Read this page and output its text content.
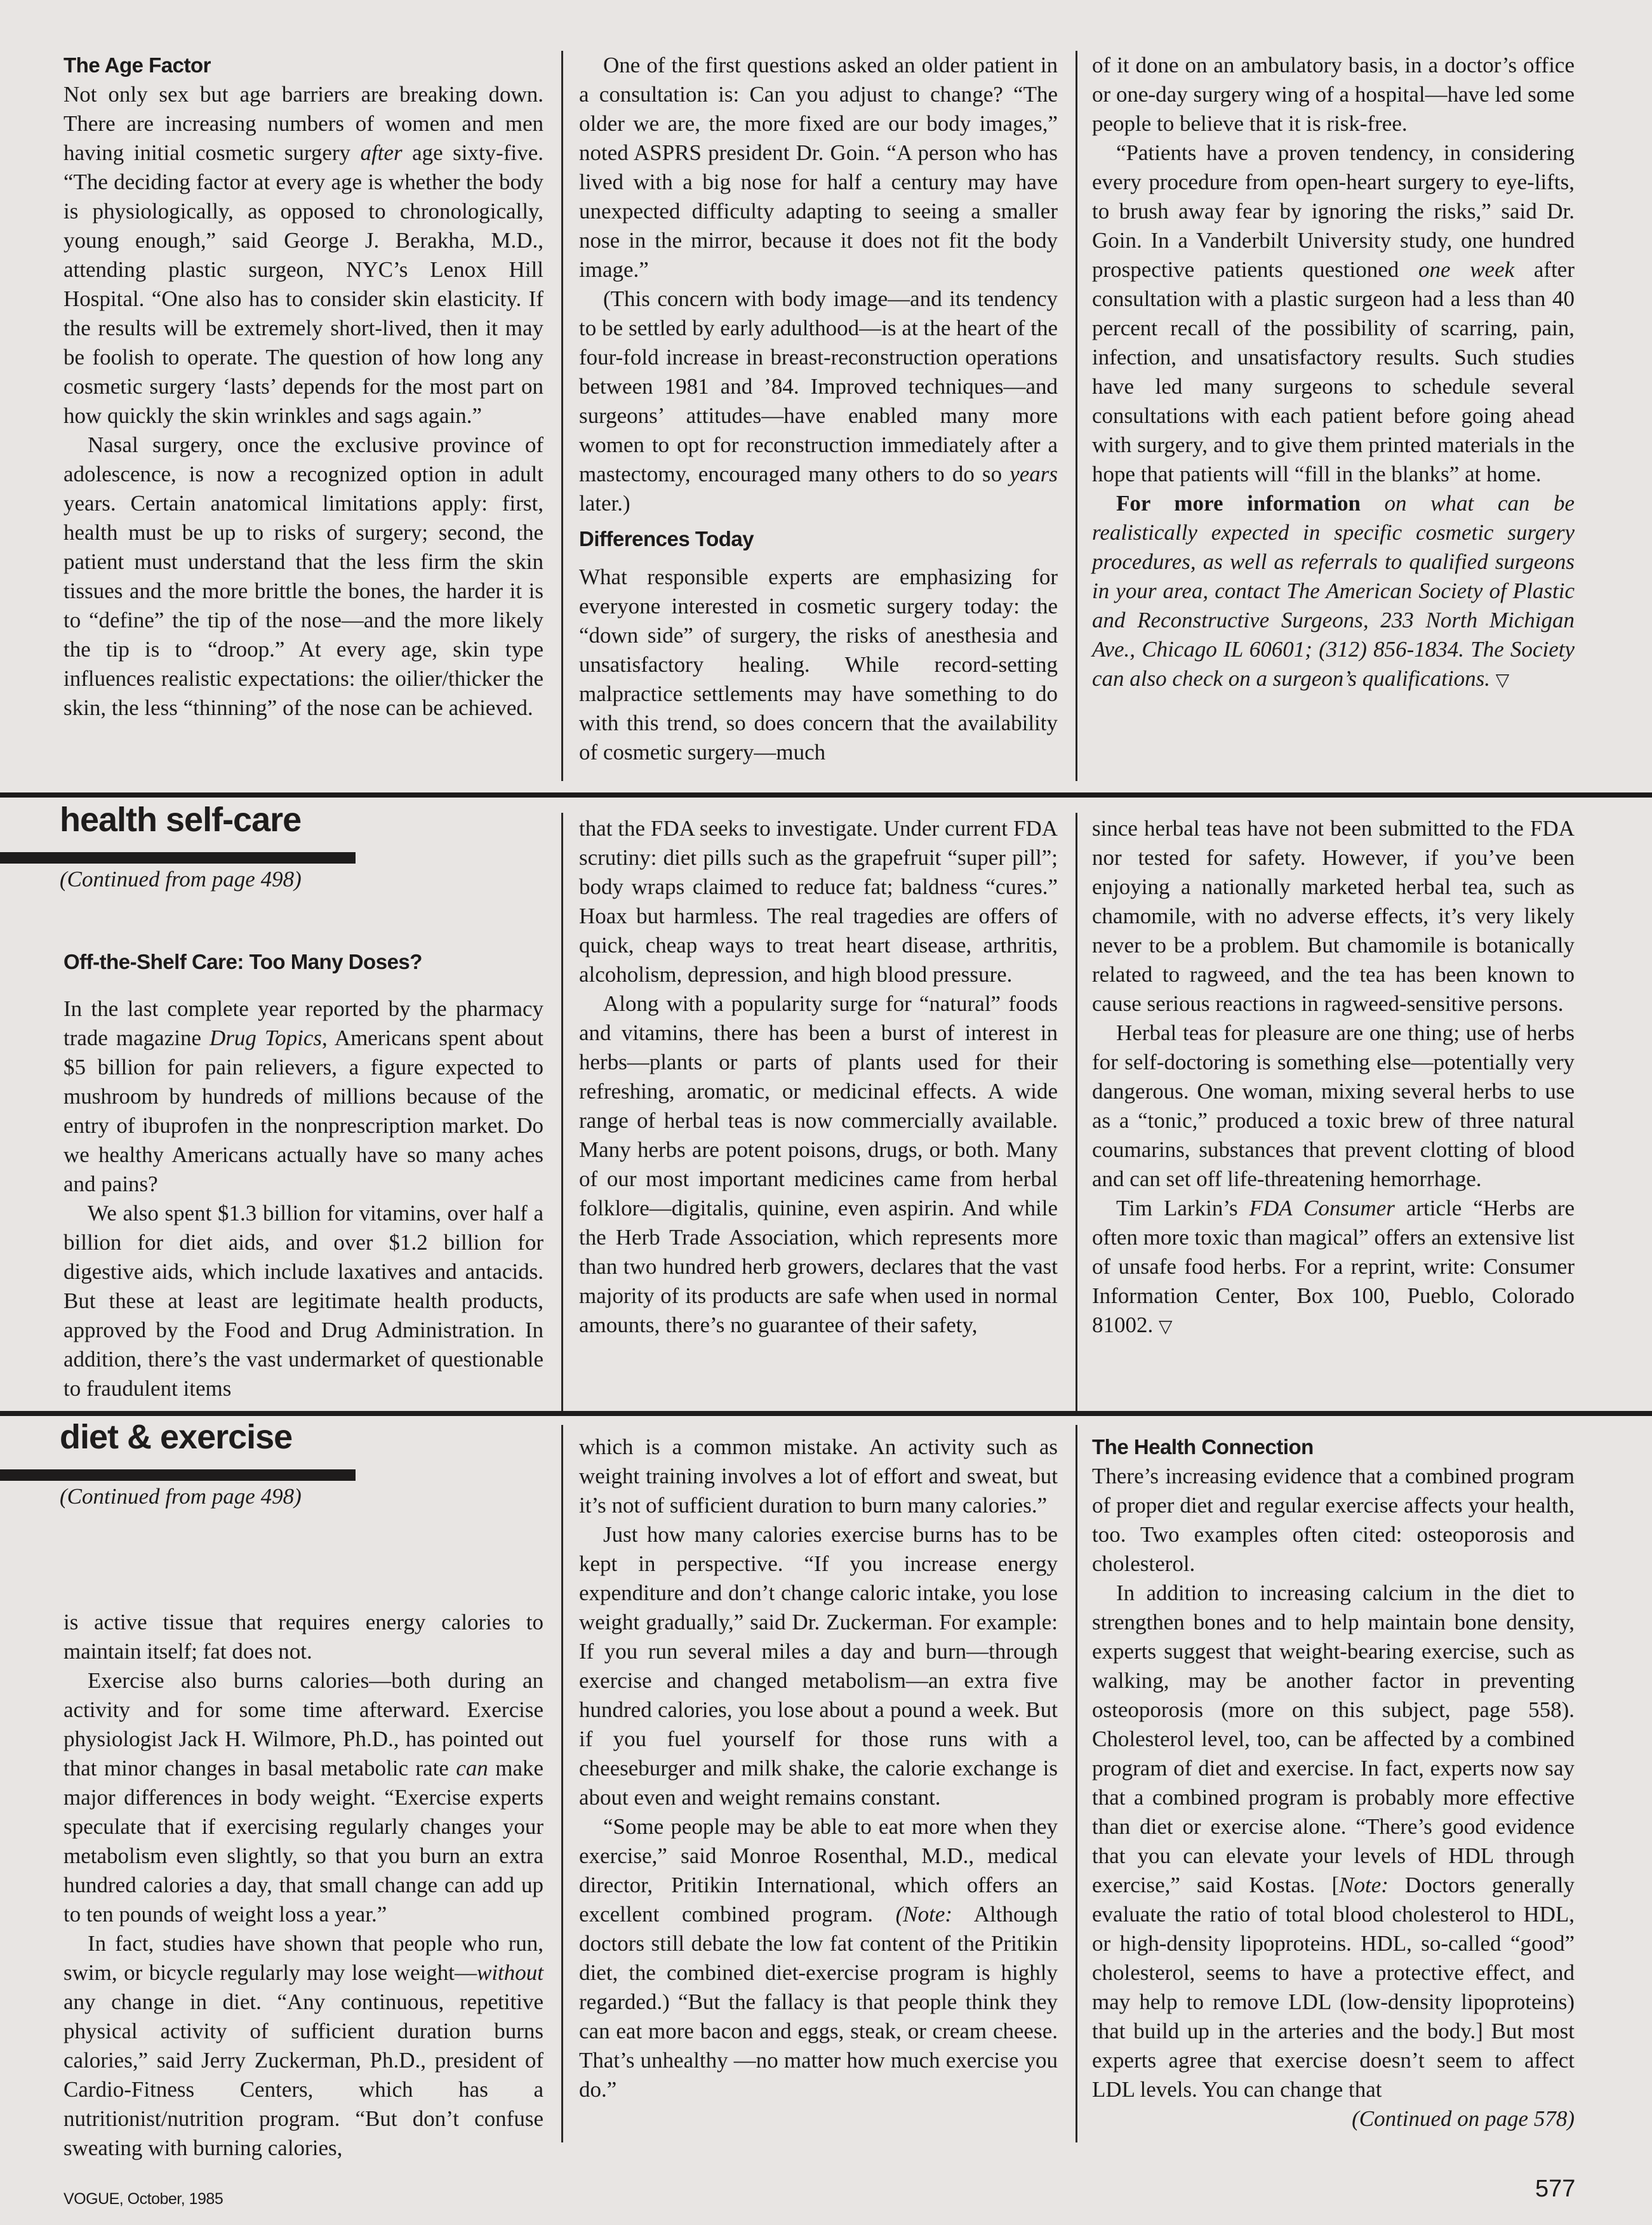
The Age Factor

Not only sex but age barriers are breaking down. There are increasing numbers of women and men having initial cosmetic surgery after age sixty-five. “The deciding factor at every age is whether the body is physiologically, as opposed to chronologically, young enough,” said George J. Berakha, M.D., attending plastic surgeon, NYC’s Lenox Hill Hospital. “One also has to consider skin elasticity. If the results will be extremely short-lived, then it may be foolish to operate. The question of how long any cosmetic surgery ‘lasts’ depends for the most part on how quickly the skin wrinkles and sags again.”

Nasal surgery, once the exclusive province of adolescence, is now a recognized option in adult years. Certain anatomical limitations apply: first, health must be up to risks of surgery; second, the patient must understand that the less firm the skin tissues and the more brittle the bones, the harder it is to “define” the tip of the nose—and the more likely the tip is to “droop.” At every age, skin type influences realistic expectations: the oilier/thicker the skin, the less “thinning” of the nose can be achieved.

One of the first questions asked an older patient in a consultation is: Can you adjust to change? “The older we are, the more fixed are our body images,” noted ASPRS president Dr. Goin. “A person who has lived with a big nose for half a century may have unexpected difficulty adapting to seeing a smaller nose in the mirror, because it does not fit the body image.”

(This concern with body image—and its tendency to be settled by early adulthood—is at the heart of the four-fold increase in breast-reconstruction operations between 1981 and ’84. Improved techniques—and surgeons’ attitudes—have enabled many more women to opt for reconstruction immediately after a mastectomy, encouraged many others to do so years later.)

Differences Today

What responsible experts are emphasizing for everyone interested in cosmetic surgery today: the “down side” of surgery, the risks of anesthesia and unsatisfactory healing. While record-setting malpractice settlements may have something to do with this trend, so does concern that the availability of cosmetic surgery—much

of it done on an ambulatory basis, in a doctor’s office or one-day surgery wing of a hospital—have led some people to believe that it is risk-free.

“Patients have a proven tendency, in considering every procedure from open-heart surgery to eye-lifts, to brush away fear by ignoring the risks,” said Dr. Goin. In a Vanderbilt University study, one hundred prospective patients questioned one week after consultation with a plastic surgeon had a less than 40 percent recall of the possibility of scarring, pain, infection, and unsatisfactory results. Such studies have led many surgeons to schedule several consultations with each patient before going ahead with surgery, and to give them printed materials in the hope that patients will “fill in the blanks” at home.

For more information on what can be realistically expected in specific cosmetic surgery procedures, as well as referrals to qualified surgeons in your area, contact The American Society of Plastic and Reconstructive Surgeons, 233 North Michigan Ave., Chicago IL 60601; (312) 856-1834. The Society can also check on a surgeon’s qualifications. ▽

health self-care
(Continued from page 498)
Off-the-Shelf Care: Too Many Doses?

In the last complete year reported by the pharmacy trade magazine Drug Topics, Americans spent about $5 billion for pain relievers, a figure expected to mushroom by hundreds of millions because of the entry of ibuprofen in the nonprescription market. Do we healthy Americans actually have so many aches and pains?

We also spent $1.3 billion for vitamins, over half a billion for diet aids, and over $1.2 billion for digestive aids, which include laxatives and antacids. But these at least are legitimate health products, approved by the Food and Drug Administration. In addition, there’s the vast undermarket of questionable to fraudulent items

that the FDA seeks to investigate. Under current FDA scrutiny: diet pills such as the grapefruit “super pill”; body wraps claimed to reduce fat; baldness “cures.” Hoax but harmless. The real tragedies are offers of quick, cheap ways to treat heart disease, arthritis, alcoholism, depression, and high blood pressure.

Along with a popularity surge for “natural” foods and vitamins, there has been a burst of interest in herbs—plants or parts of plants used for their refreshing, aromatic, or medicinal effects. A wide range of herbal teas is now commercially available. Many herbs are potent poisons, drugs, or both. Many of our most important medicines came from herbal folklore—digitalis, quinine, even aspirin. And while the Herb Trade Association, which represents more than two hundred herb growers, declares that the vast majority of its products are safe when used in normal amounts, there’s no guarantee of their safety,

since herbal teas have not been submitted to the FDA nor tested for safety. However, if you’ve been enjoying a nationally marketed herbal tea, such as chamomile, with no adverse effects, it’s very likely never to be a problem. But chamomile is botanically related to ragweed, and the tea has been known to cause serious reactions in ragweed-sensitive persons.

Herbal teas for pleasure are one thing; use of herbs for self-doctoring is something else—potentially very dangerous. One woman, mixing several herbs to use as a “tonic,” produced a toxic brew of three natural coumarins, substances that prevent clotting of blood and can set off life-threatening hemorrhage.

Tim Larkin’s FDA Consumer article “Herbs are often more toxic than magical” offers an extensive list of unsafe food herbs. For a reprint, write: Consumer Information Center, Box 100, Pueblo, Colorado 81002. ▽

diet & exercise
(Continued from page 498)

is active tissue that requires energy calories to maintain itself; fat does not.

Exercise also burns calories—both during an activity and for some time afterward. Exercise physiologist Jack H. Wilmore, Ph.D., has pointed out that minor changes in basal metabolic rate can make major differences in body weight. “Exercise experts speculate that if exercising regularly changes your metabolism even slightly, so that you burn an extra hundred calories a day, that small change can add up to ten pounds of weight loss a year.”

In fact, studies have shown that people who run, swim, or bicycle regularly may lose weight—without any change in diet. “Any continuous, repetitive physical activity of sufficient duration burns calories,” said Jerry Zuckerman, Ph.D., president of Cardio-Fitness Centers, which has a nutritionist/nutrition program. “But don’t confuse sweating with burning calories,

which is a common mistake. An activity such as weight training involves a lot of effort and sweat, but it’s not of sufficient duration to burn many calories.”

Just how many calories exercise burns has to be kept in perspective. “If you increase energy expenditure and don’t change caloric intake, you lose weight gradually,” said Dr. Zuckerman. For example: If you run several miles a day and burn—through exercise and changed metabolism—an extra five hundred calories, you lose about a pound a week. But if you fuel yourself for those runs with a cheeseburger and milk shake, the calorie exchange is about even and weight remains constant.

“Some people may be able to eat more when they exercise,” said Monroe Rosenthal, M.D., medical director, Pritikin International, which offers an excellent combined program. (Note: Although doctors still debate the low fat content of the Pritikin diet, the combined diet-exercise program is highly regarded.) “But the fallacy is that people think they can eat more bacon and eggs, steak, or cream cheese. That’s unhealthy —no matter how much exercise you do.”

The Health Connection

There’s increasing evidence that a combined program of proper diet and regular exercise affects your health, too. Two examples often cited: osteoporosis and cholesterol.

In addition to increasing calcium in the diet to strengthen bones and to help maintain bone density, experts suggest that weight-bearing exercise, such as walking, may be another factor in preventing osteoporosis (more on this subject, page 558). Cholesterol level, too, can be affected by a combined program of diet and exercise. In fact, experts now say that a combined program is probably more effective than diet or exercise alone. “There’s good evidence that you can elevate your levels of HDL through exercise,” said Kostas. [Note: Doctors generally evaluate the ratio of total blood cholesterol to HDL, or high-density lipoproteins. HDL, so-called “good” cholesterol, seems to have a protective effect, and may help to remove LDL (low-density lipoproteins) that build up in the arteries and the body.] But most experts agree that exercise doesn’t seem to affect LDL levels. You can change that
(Continued on page 578)

VOGUE, October, 1985	577
